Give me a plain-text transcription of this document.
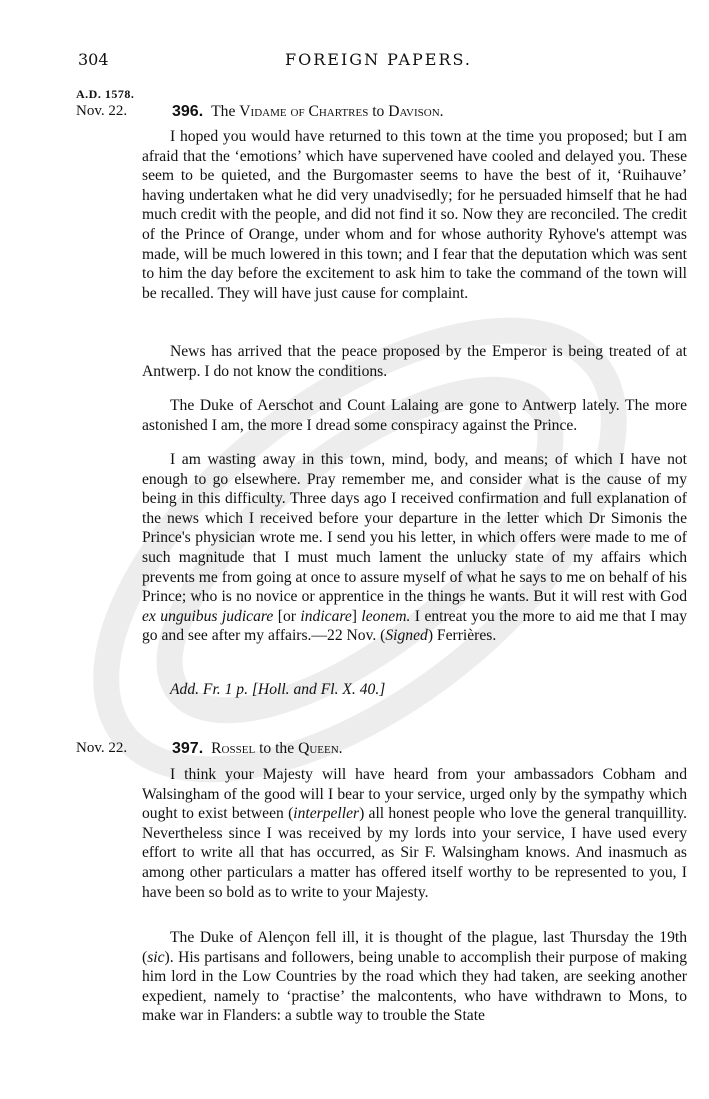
304	FOREIGN PAPERS.
A.D. 1578.
Nov. 22.	396. The Vidame of Chartres to Davison.

I hoped you would have returned to this town at the time you proposed; but I am afraid that the ‘emotions’ which have supervened have cooled and delayed you. These seem to be quieted, and the Burgomaster seems to have the best of it, ‘Ruihauve’ having undertaken what he did very unadvisedly; for he persuaded himself that he had much credit with the people, and did not find it so. Now they are reconciled. The credit of the Prince of Orange, under whom and for whose authority Ryhove's attempt was made, will be much lowered in this town; and I fear that the deputation which was sent to him the day before the excitement to ask him to take the command of the town will be recalled. They will have just cause for complaint.

News has arrived that the peace proposed by the Emperor is being treated of at Antwerp. I do not know the conditions.

The Duke of Aerschot and Count Lalaing are gone to Antwerp lately. The more astonished I am, the more I dread some conspiracy against the Prince.

I am wasting away in this town, mind, body, and means; of which I have not enough to go elsewhere. Pray remember me, and consider what is the cause of my being in this difficulty. Three days ago I received confirmation and full explanation of the news which I received before your departure in the letter which Dr Simonis the Prince's physician wrote me. I send you his letter, in which offers were made to me of such magnitude that I must much lament the unlucky state of my affairs which prevents me from going at once to assure myself of what he says to me on behalf of his Prince; who is no novice or apprentice in the things he wants. But it will rest with God ex unguibus judicare [or indicare] leonem. I entreat you the more to aid me that I may go and see after my affairs.—22 Nov. (Signed) Ferrières.

Add. Fr. 1 p. [Holl. and Fl. X. 40.]

Nov. 22.	397. Rossel to the Queen.

I think your Majesty will have heard from your ambassadors Cobham and Walsingham of the good will I bear to your service, urged only by the sympathy which ought to exist between (interpeller) all honest people who love the general tranquillity. Nevertheless since I was received by my lords into your service, I have used every effort to write all that has occurred, as Sir F. Walsingham knows. And inasmuch as among other particulars a matter has offered itself worthy to be represented to you, I have been so bold as to write to your Majesty.

The Duke of Alençon fell ill, it is thought of the plague, last Thursday the 19th (sic). His partisans and followers, being unable to accomplish their purpose of making him lord in the Low Countries by the road which they had taken, are seeking another expedient, namely to ‘practise’ the malcontents, who have withdrawn to Mons, to make war in Flanders: a subtle way to trouble the State
